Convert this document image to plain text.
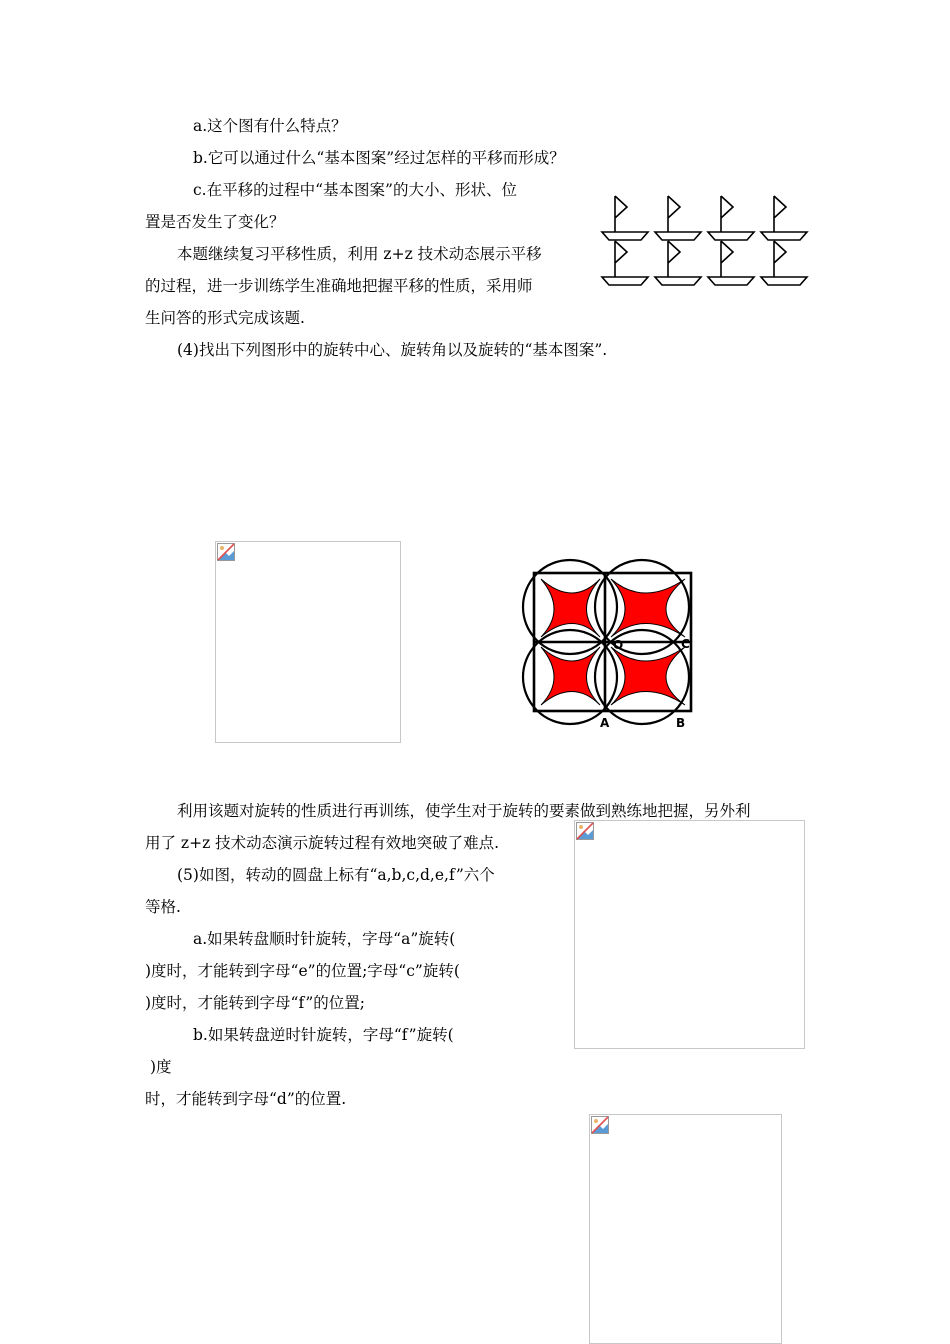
a.这个图有什么特点？
b.它可以通过什么“基本图案”经过怎样的平移而形成？
c.在平移的过程中“基本图案”的大小、形状、位
置是否发生了变化？
本题继续复习平移性质，利用 z+z 技术动态展示平移
的过程，进一步训练学生准确地把握平移的性质，采用师
生问答的形式完成该题.
(4)找出下列图形中的旋转中心、旋转角以及旋转的“基本图案”.
O	C
A	B
利用该题对旋转的性质进行再训练，使学生对于旋转的要素做到熟练地把握，另外利
用了 z+z 技术动态演示旋转过程有效地突破了难点.
(5)如图，转动的圆盘上标有“a,b,c,d,e,f”六个
等格.
a.如果转盘顺时针旋转，字母“a”旋转(
)度时，才能转到字母“e”的位置;字母“c”旋转(
)度时，才能转到字母“f”的位置;
b.如果转盘逆时针旋转，字母“f”旋转(
)度
时，才能转到字母“d”的位置.
